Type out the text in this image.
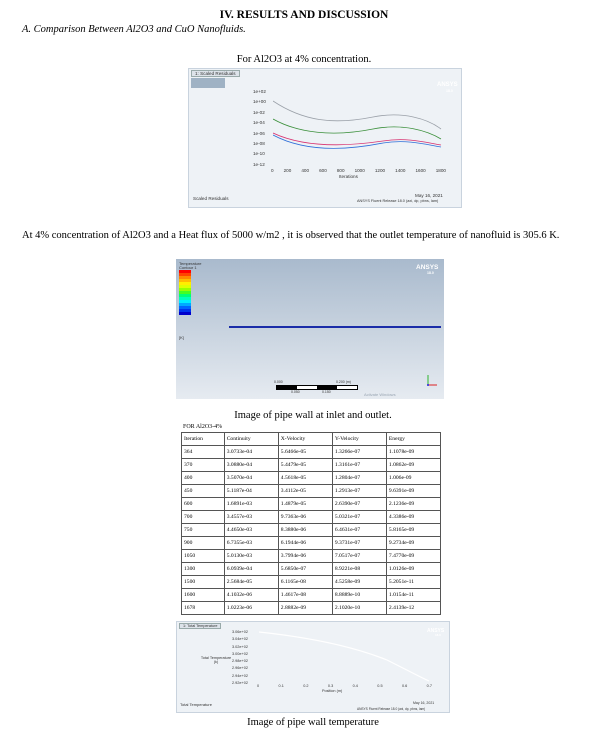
IV. RESULTS AND DISCUSSION
A. Comparison Between Al2O3 and CuO Nanofluids.
For Al2O3 at 4% concentration.
1: Scaled Residuals
ANSYS
18.0
1e+02
1e+00
1e-02
1e-04
1e-06
1e-08
1e-10
1e-12
0 200 400 600 800 1000 1200 1400 1600 1800
Iterations
Scaled Residuals
May 16, 2021
ANSYS Fluent Release 18.0 (axi, dp, pbns, lam)
At 4% concentration of Al2O3 and a Heat flux of 5000 w/m2 , it is observed that the outlet temperature of nanofluid is 305.6 K.
Temperature
Contour 1
[K]
ANSYS
18.0
0.000	0.200 (m)
0.050	0.150	Activate Windows
Image of pipe wall at inlet and outlet.
FOR Al2O3-4%
Iteration	Continuity	X-Velocity	Y-Velocity	Energy
364	3.0733e-04	5.6466e-05	1.3266e-07	1.1078e-09
370	3.0880e-04	5.4479e-05	1.3161e-07	1.0862e-09
400	3.5070e-04	4.5618e-05	1.2804e-07	1.006e-09
450	5.1187e-04	3.4112e-05	1.2913e-07	9.6391e-09
600	1.6891e-03	1.4879e-05	2.6390e-07	2.1236e-09
700	3.4557e-03	9.7363e-06	5.0321e-07	4.3386e-09
750	4.4650e-03	8.3880e-06	6.4631e-07	5.8165e-09
900	6.7355e-03	6.1944e-06	9.3731e-07	9.2734e-09
1050	5.0130e-03	3.7994e-06	7.0517e-07	7.4770e-09
1300	6.0939e-04	5.6850e-07	8.9221e-08	1.0126e-09
1500	2.5684e-05	6.1165e-08	4.5258e-09	5.2051e-11
1600	4.1032e-06	1.4617e-08	8.8889e-10	1.0154e-11
1678	1.0223e-06	2.8882e-09	2.1020e-10	2.4139e-12
1: Total Temperature
ANSYS
18.0
3.06e+02
3.04e+02
3.02e+02
3.00e+02
2.98e+02
2.96e+02
2.94e+02
2.92e+02
Total Temperature (k)
0	0.1	0.2	0.3	0.4	0.5	0.6	0.7
Position (m)
Total Temperature	May 16, 2021
ANSYS Fluent Release 18.0 (axi, dp, pbns, lam)
Image of pipe wall temperature
